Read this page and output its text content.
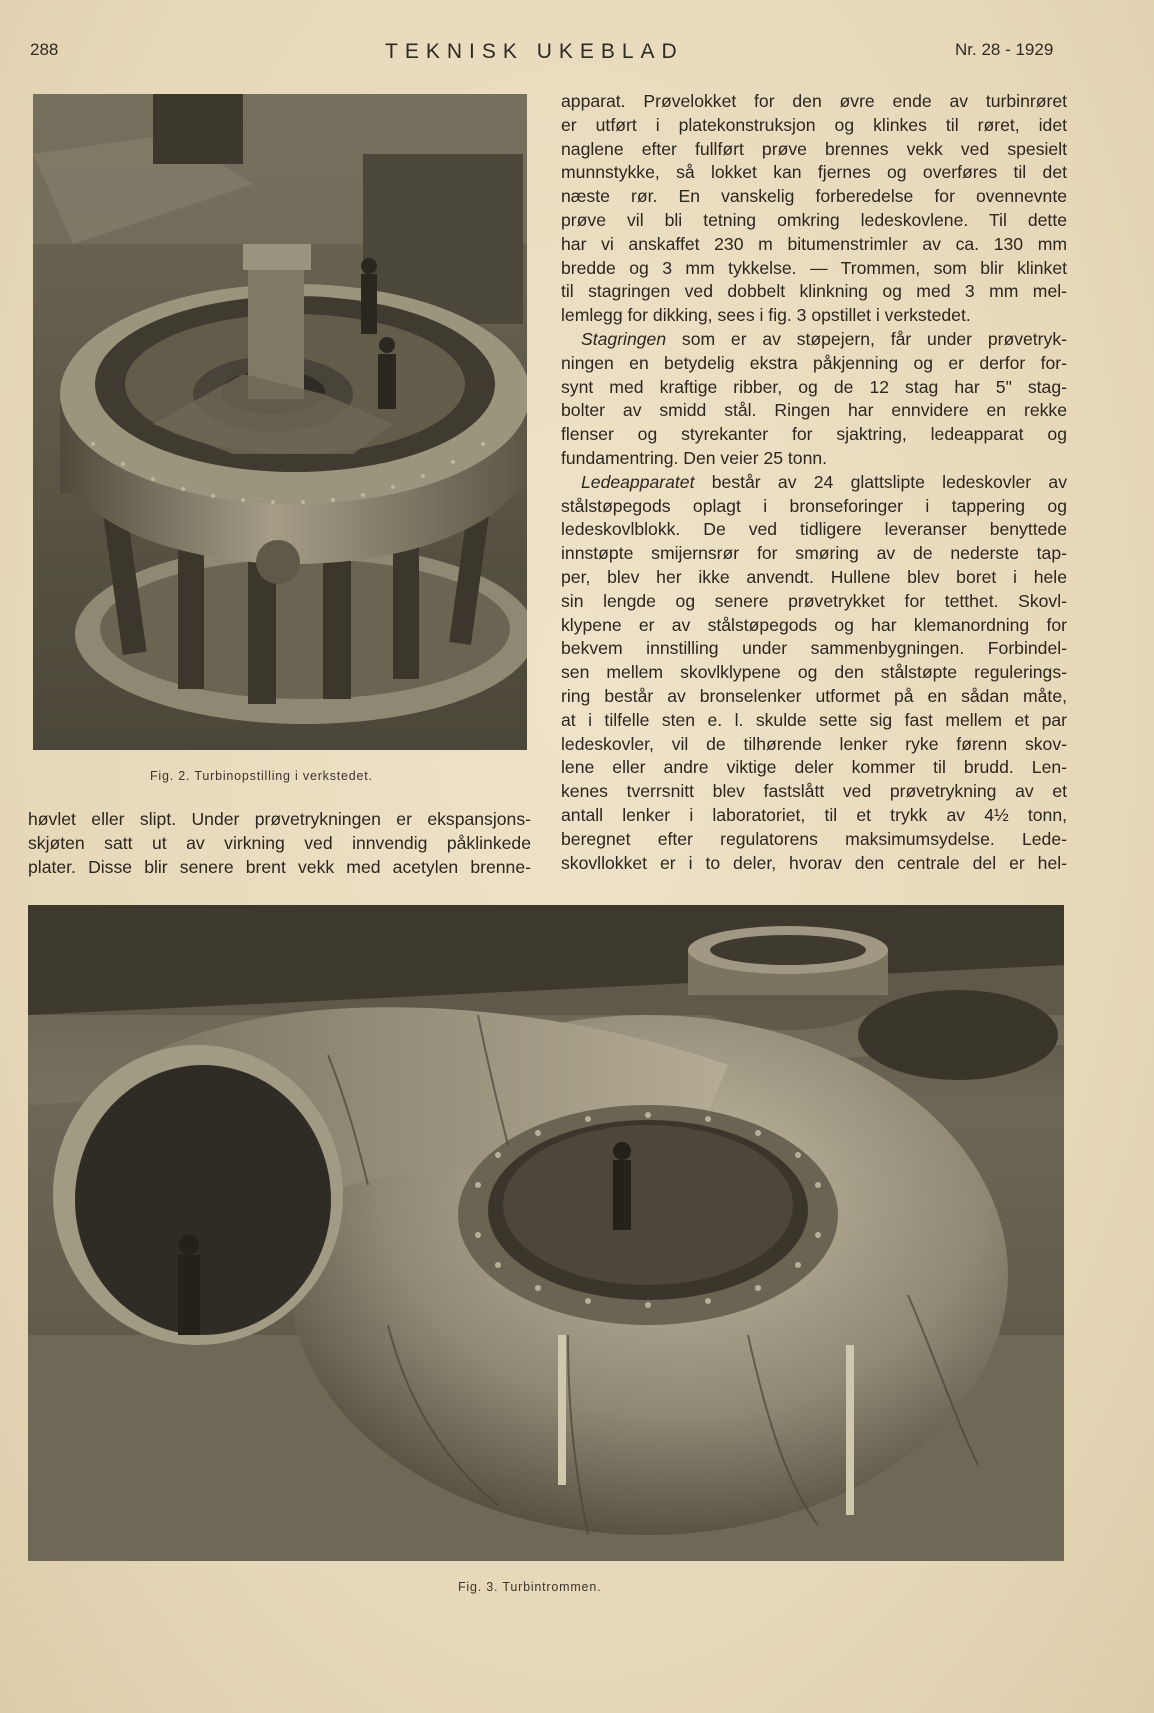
288	TEKNISK UKEBLAD	Nr. 28 - 1929
Fig. 2. Turbinopstilling i verkstedet.
apparat. Prøvelokket for den øvre ende av turbinrøret
er utført i platekonstruksjon og klinkes til røret, idet
naglene efter fullført prøve brennes vekk ved spesielt
munnstykke, så lokket kan fjernes og overføres til det
næste rør. En vanskelig forberedelse for ovennevnte
prøve vil bli tetning omkring ledeskovlene. Til dette
har vi anskaffet 230 m bitumenstrimler av ca. 130 mm
bredde og 3 mm tykkelse. — Trommen, som blir klinket
til stagringen ved dobbelt klinkning og med 3 mm mel-
lemlegg for dikking, sees i fig. 3 opstillet i verkstedet.
Stagringen som er av støpejern, får under prøvetryk-
ningen en betydelig ekstra påkjenning og er derfor for-
synt med kraftige ribber, og de 12 stag har 5" stag-
bolter av smidd stål. Ringen har ennvidere en rekke
flenser og styrekanter for sjaktring, ledeapparat og
fundamentring. Den veier 25 tonn.
Ledeapparatet består av 24 glattslipte ledeskovler av
stålstøpegods oplagt i bronseforinger i tappering og
ledeskovlblokk. De ved tidligere leveranser benyttede
innstøpte smijernsrør for smøring av de nederste tap-
per, blev her ikke anvendt. Hullene blev boret i hele
sin lengde og senere prøvetrykket for tetthet. Skovl-
klypene er av stålstøpegods og har klemanordning for
bekvem innstilling under sammenbygningen. Forbindel-
sen mellem skovlklypene og den stålstøpte regulerings-
ring består av bronselenker utformet på en sådan måte,
at i tilfelle sten e. l. skulde sette sig fast mellem et par
ledeskovler, vil de tilhørende lenker ryke førenn skov-
lene eller andre viktige deler kommer til brudd. Len-
kenes tverrsnitt blev fastslått ved prøvetrykning av et
antall lenker i laboratoriet, til et trykk av 4½ tonn,
beregnet efter regulatorens maksimumsydelse. Lede-
skovllokket er i to deler, hvorav den centrale del er hel-
høvlet eller slipt. Under prøvetrykningen er ekspansjons-
skjøten satt ut av virkning ved innvendig påklinkede
plater. Disse blir senere brent vekk med acetylen brenne-
Fig. 3. Turbintrommen.
